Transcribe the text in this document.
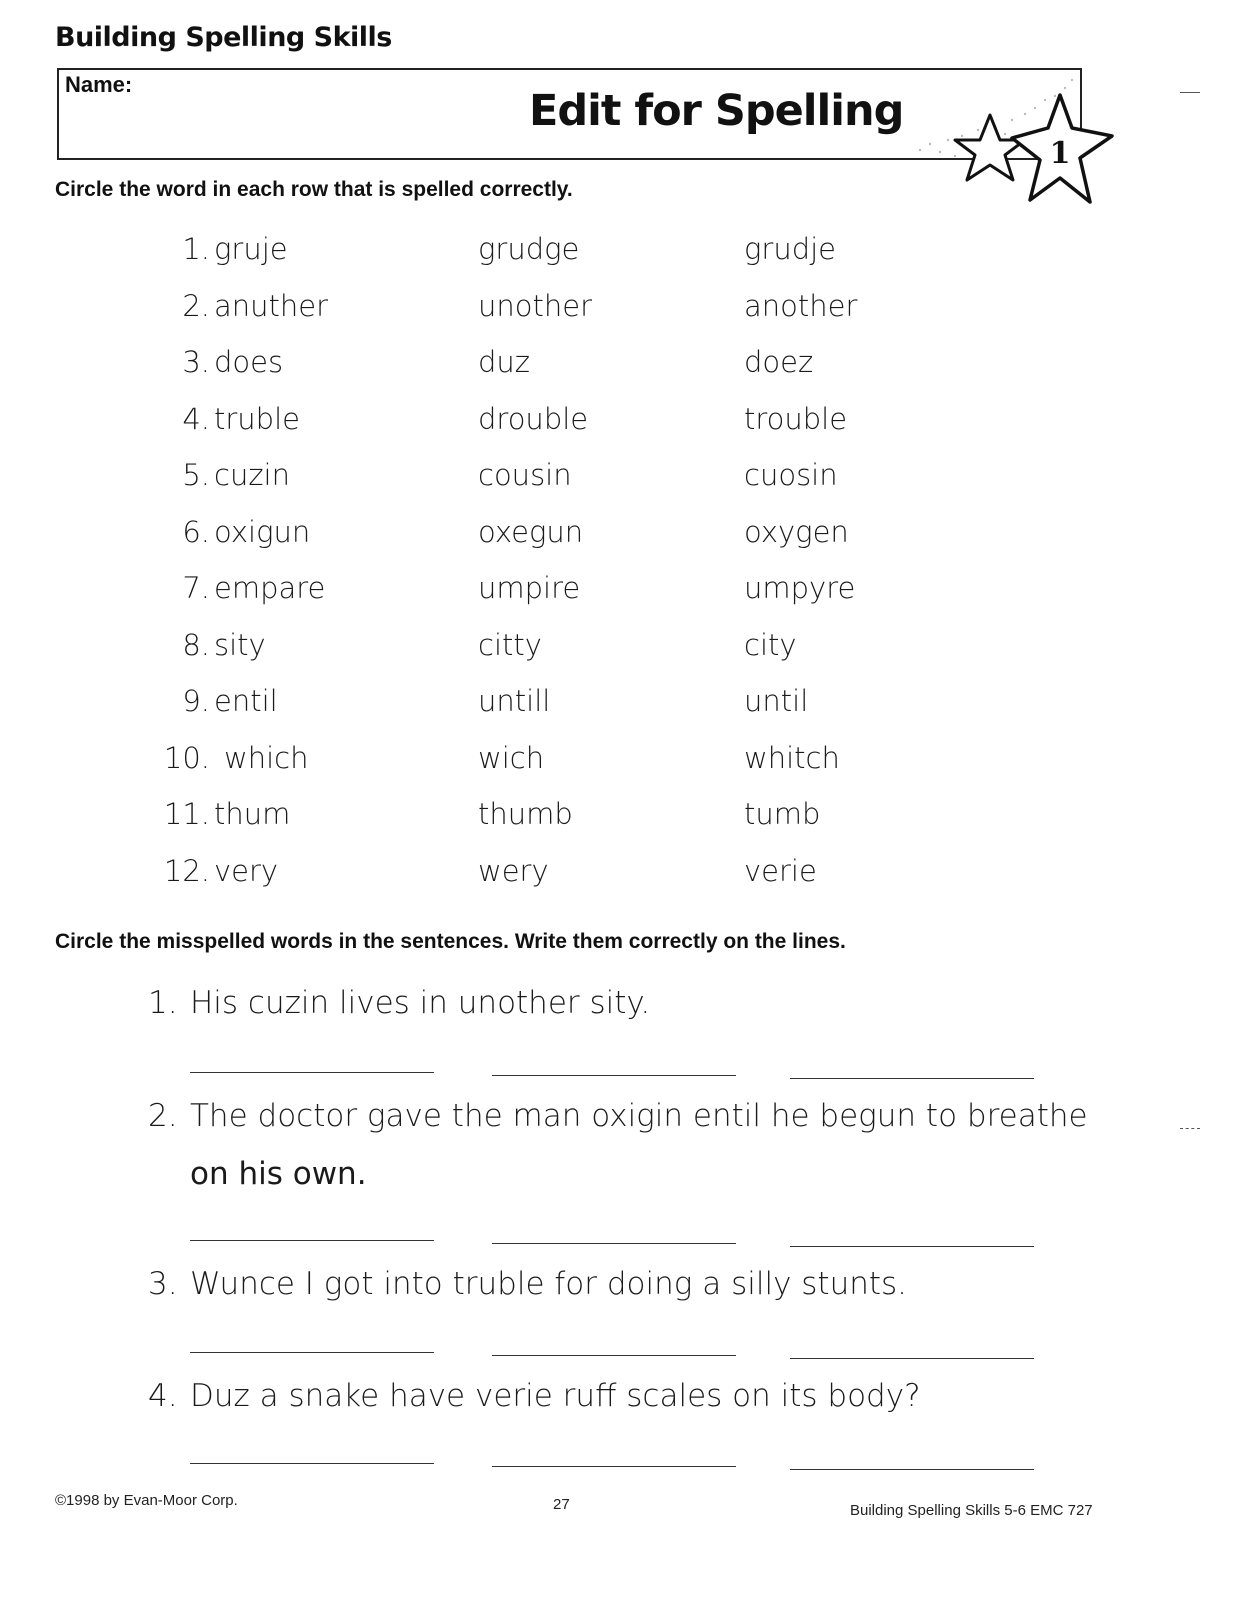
Building Spelling Skills
Name:
Edit for Spelling
1
Circle the word in each row that is spelled correctly.
1. gruje	grudge	grudje
2. anuther	unother	another
3. does	duz	doez
4. truble	drouble	trouble
5. cuzin	cousin	cuosin
6. oxigun	oxegun	oxygen
7. empare	umpire	umpyre
8. sity	citty	city
9. entil	untill	until
10. which	wich	whitch
11. thum	thumb	tumb
12. very	wery	verie
Circle the misspelled words in the sentences. Write them correctly on the lines.
1. His cuzin lives in unother sity.
2. The doctor gave the man oxigin entil he begun to breathe
on his own.
3. Wunce I got into truble for doing a silly stunts.
4. Duz a snake have verie ruff scales on its body?
©1998 by Evan-Moor Corp.	27	Building Spelling Skills 5-6 EMC 727
